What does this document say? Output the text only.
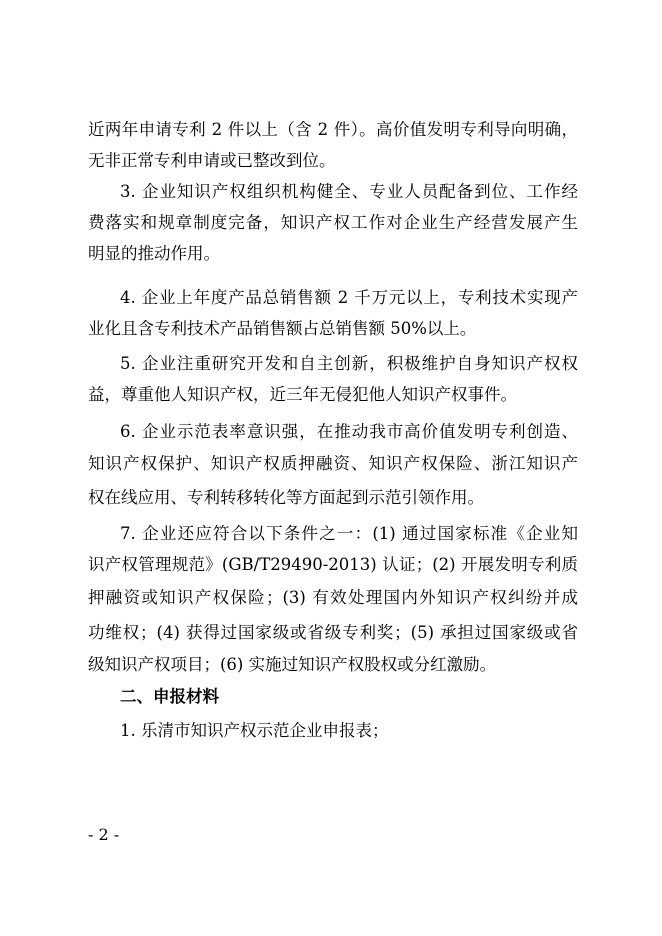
近两年申请专利 2 件以上（含 2 件）。高价值发明专利导向明确，
无非正常专利申请或已整改到位。
3. 企业知识产权组织机构健全、专业人员配备到位、工作经
费落实和规章制度完备，知识产权工作对企业生产经营发展产生
明显的推动作用。
4. 企业上年度产品总销售额 2 千万元以上，专利技术实现产
业化且含专利技术产品销售额占总销售额 50%以上。
5. 企业注重研究开发和自主创新，积极维护自身知识产权权
益，尊重他人知识产权，近三年无侵犯他人知识产权事件。
6. 企业示范表率意识强，在推动我市高价值发明专利创造、
知识产权保护、知识产权质押融资、知识产权保险、浙江知识产
权在线应用、专利转移转化等方面起到示范引领作用。
7. 企业还应符合以下条件之一：(1) 通过国家标准《企业知
识产权管理规范》(GB/T29490-2013) 认证；(2) 开展发明专利质
押融资或知识产权保险；(3) 有效处理国内外知识产权纠纷并成
功维权；(4) 获得过国家级或省级专利奖；(5) 承担过国家级或省
级知识产权项目；(6) 实施过知识产权股权或分红激励。
二、申报材料
1. 乐清市知识产权示范企业申报表；
- 2 -
